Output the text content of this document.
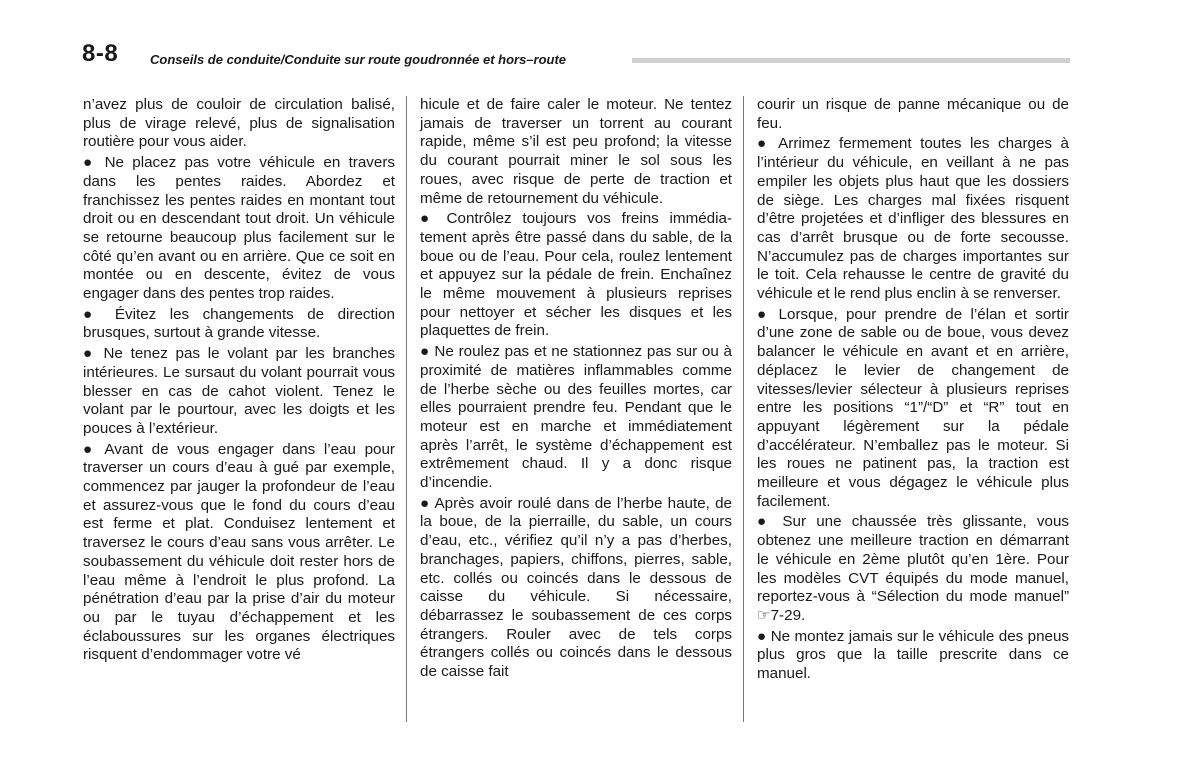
8-8 Conseils de conduite/Conduite sur route goudronnée et hors–route

n’avez plus de couloir de circulation balisé, plus de virage relevé, plus de signalisation routière pour vous aider.

● Ne placez pas votre véhicule en travers dans les pentes raides. Abordez et franchissez les pentes raides en montant tout droit ou en descendant tout droit. Un véhicule se retourne beaucoup plus facilement sur le côté qu’en avant ou en arrière. Que ce soit en montée ou en descente, évitez de vous engager dans des pentes trop raides.

● Évitez les changements de direction brusques, surtout à grande vitesse.

● Ne tenez pas le volant par les branches intérieures. Le sursaut du volant pourrait vous blesser en cas de cahot violent. Tenez le volant par le pourtour, avec les doigts et les pouces à l’extérieur.

● Avant de vous engager dans l’eau pour traverser un cours d’eau à gué par exemple, commencez par jauger la profondeur de l’eau et assurez-vous que le fond du cours d’eau est ferme et plat. Conduisez lentement et traversez le cours d’eau sans vous arrêter. Le soubassement du véhicule doit rester hors de l’eau même à l’endroit le plus profond. La pénétration d’eau par la prise d’air du moteur ou par le tuyau d’échappement et les éclaboussures sur les organes électriques risquent d’endommager votre vé

hicule et de faire caler le moteur. Ne tentez jamais de traverser un torrent au courant rapide, même s’il est peu profond; la vitesse du courant pourrait miner le sol sous les roues, avec risque de perte de traction et même de retournement du véhicule.

● Contrôlez toujours vos freins immédiatement après être passé dans du sable, de la boue ou de l’eau. Pour cela, roulez lentement et appuyez sur la pédale de frein. Enchaînez le même mouvement à plusieurs reprises pour nettoyer et sécher les disques et les plaquettes de frein.

● Ne roulez pas et ne stationnez pas sur ou à proximité de matières inflammables comme de l’herbe sèche ou des feuilles mortes, car elles pourraient prendre feu. Pendant que le moteur est en marche et immédiatement après l’arrêt, le système d’échappement est extrêmement chaud. Il y a donc risque d’incendie.

● Après avoir roulé dans de l’herbe haute, de la boue, de la pierraille, du sable, un cours d’eau, etc., vérifiez qu’il n’y a pas d’herbes, branchages, papiers, chiffons, pierres, sable, etc. collés ou coincés dans le dessous de caisse du véhicule. Si nécessaire, débarrassez le soubassement de ces corps étrangers. Rouler avec de tels corps étrangers collés ou coincés dans le dessous de caisse fait

courir un risque de panne mécanique ou de feu.

● Arrimez fermement toutes les charges à l’intérieur du véhicule, en veillant à ne pas empiler les objets plus haut que les dossiers de siège. Les charges mal fixées risquent d’être projetées et d’infliger des blessures en cas d’arrêt brusque ou de forte secousse. N’accumulez pas de charges importantes sur le toit. Cela rehausse le centre de gravité du véhicule et le rend plus enclin à se renverser.

● Lorsque, pour prendre de l’élan et sortir d’une zone de sable ou de boue, vous devez balancer le véhicule en avant et en arrière, déplacez le levier de changement de vitesses/levier sélecteur à plusieurs reprises entre les positions “1”/“D” et “R” tout en appuyant légèrement sur la pédale d’accélérateur. N’emballez pas le moteur. Si les roues ne patinent pas, la traction est meilleure et vous dégagez le véhicule plus facilement.

● Sur une chaussée très glissante, vous obtenez une meilleure traction en démarrant le véhicule en 2ème plutôt qu’en 1ère. Pour les modèles CVT équipés du mode manuel, reportez-vous à “Sélection du mode manuel” ☞7-29.

● Ne montez jamais sur le véhicule des pneus plus gros que la taille prescrite dans ce manuel.
